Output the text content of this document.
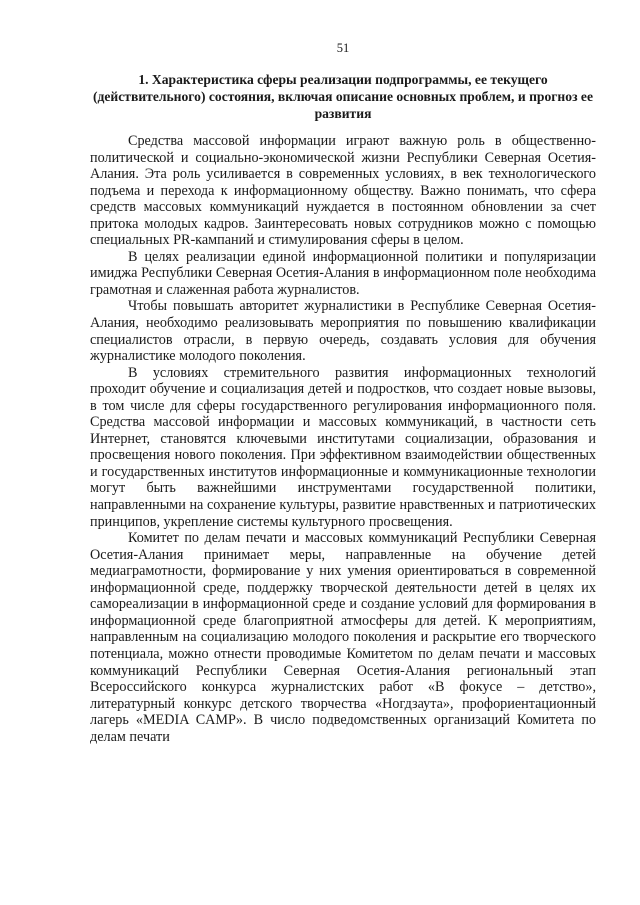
51
1. Характеристика сферы реализации подпрограммы, ее текущего (действительного) состояния, включая описание основных проблем, и прогноз ее развития

Средства массовой информации играют важную роль в общественно-политической и социально-экономической жизни Республики Северная Осетия-Алания. Эта роль усиливается в современных условиях, в век технологического подъема и перехода к информационному обществу. Важно понимать, что сфера средств массовых коммуникаций нуждается в постоянном обновлении за счет притока молодых кадров. Заинтересовать новых сотрудников можно с помощью специальных PR-кампаний и стимулирования сферы в целом.

В целях реализации единой информационной политики и популяризации имиджа Республики Северная Осетия-Алания в информационном поле необходима грамотная и слаженная работа журналистов.

Чтобы повышать авторитет журналистики в Республике Северная Осетия-Алания, необходимо реализовывать мероприятия по повышению квалификации специалистов отрасли, в первую очередь, создавать условия для обучения журналистике молодого поколения.

В условиях стремительного развития информационных технологий проходит обучение и социализация детей и подростков, что создает новые вызовы, в том числе для сферы государственного регулирования информационного поля. Средства массовой информации и массовых коммуникаций, в частности сеть Интернет, становятся ключевыми институтами социализации, образования и просвещения нового поколения. При эффективном взаимодействии общественных и государственных институтов информационные и коммуникационные технологии могут быть важнейшими инструментами государственной политики, направленными на сохранение культуры, развитие нравственных и патриотических принципов, укрепление системы культурного просвещения.

Комитет по делам печати и массовых коммуникаций Республики Северная Осетия-Алания принимает меры, направленные на обучение детей медиаграмотности, формирование у них умения ориентироваться в современной информационной среде, поддержку творческой деятельности детей в целях их самореализации в информационной среде и создание условий для формирования в информационной среде благоприятной атмосферы для детей. К мероприятиям, направленным на социализацию молодого поколения и раскрытие его творческого потенциала, можно отнести проводимые Комитетом по делам печати и массовых коммуникаций Республики Северная Осетия-Алания региональный этап Всероссийского конкурса журналистских работ «В фокусе – детство», литературный конкурс детского творчества «Ногдзаута», профориентационный лагерь «MEDIA CAMP». В число подведомственных организаций Комитета по делам печати
